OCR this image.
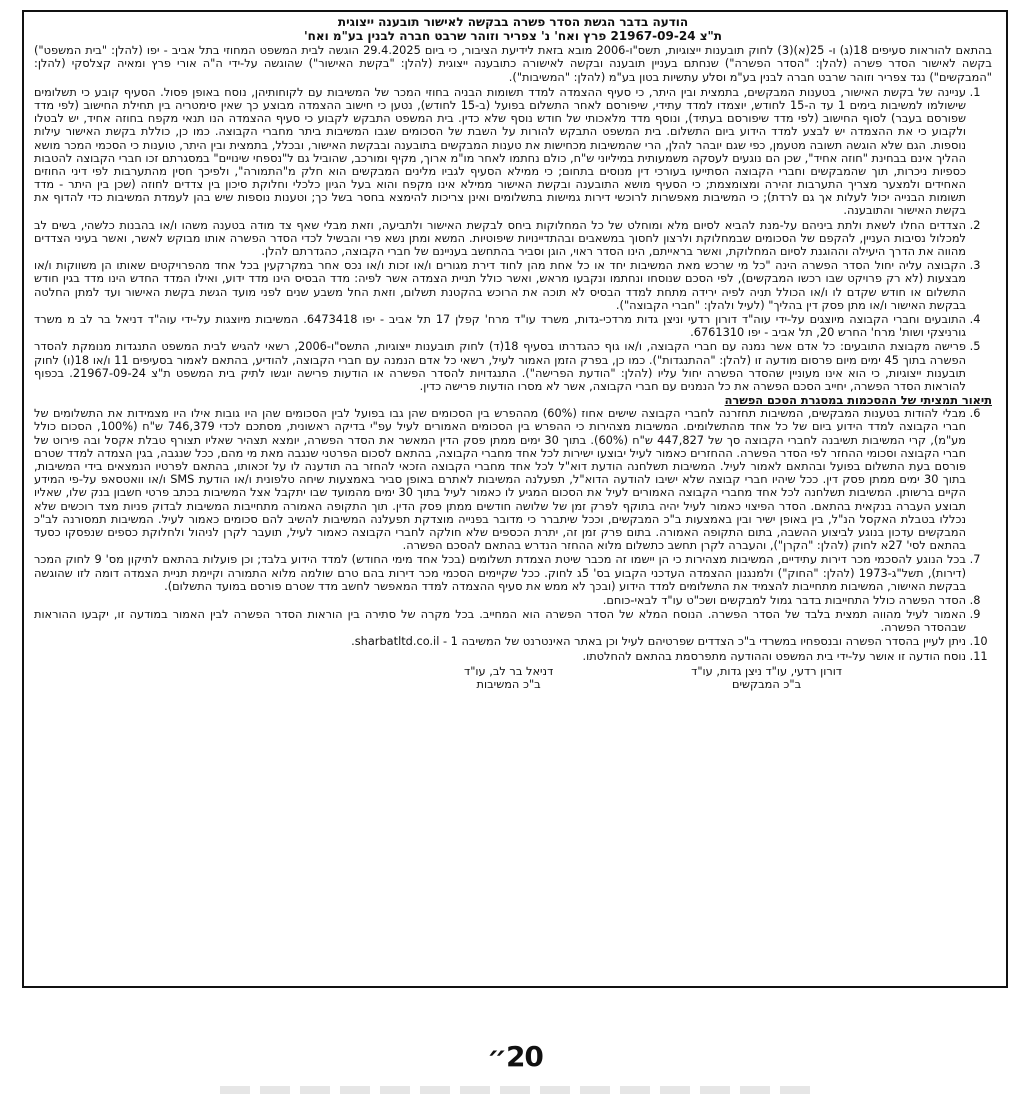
הודעה בדבר הגשת הסדר פשרה בבקשה לאישור תובענה ייצוגית

ת"צ 21967-09-24 פרץ ואח' נ' צפריר וזוהר שרבט חברה לבנין בע"מ ואח'

בהתאם להוראות סעיפים 18(ג) ו- 25(א)(3) לחוק תובענות ייצוגיות, תשס"ו-2006 מובא בזאת לידיעת הציבור, כי ביום 29.4.2025 הוגשה לבית המשפט המחוזי בתל אביב - יפו (להלן: "בית המשפט") בקשה לאישור הסדר פשרה (להלן: "הסדר הפשרה") שנחתם בעניין תובענה ובקשה לאישורה כתובענה ייצוגית (להלן: "בקשת האישור") שהוגשה על-ידי ה"ה אורי פרץ ומאיה קצלסקי (להלן: "המבקשים") נגד צפריר וזוהר שרבט חברה לבנין בע"מ וסלע עתשיות בטון בע"מ (להלן: "המשיבות").

1. עניינה של בקשת האישור, בטענות המבקשים, בתמצית ובין היתר, כי סעיף ההצמדה למדד תשומות הבניה בחוזי המכר של המשיבות עם לקוחותיהן, נוסח באופן פסול. הסעיף קובע כי תשלומים שישולמו למשיבות בימים 1 עד ה-15 לחודש, יוצמדו למדד עתידי, שיפורסם לאחר התשלום בפועל (ב-15 לחודש), נטען כי חישוב ההצמדה מבוצע כך שאין סימטריה בין תחילת החישוב (לפי מדד שפורסם בעבר) לסוף החישוב (לפי מדד שיפורסם בעתיד), ונוסף מדד מלאכותי של חודש נוסף שלא כדין. בית המשפט התבקש לקבוע כי סעיף ההצמדה הנו תנאי מקפח בחוזה אחיד, יש לבטלו ולקבוע כי את ההצמדה יש לבצע למדד הידוע ביום התשלום. בית המשפט התבקש להורות על השבת של הסכומים שגבו המשיבות ביתר מחברי הקבוצה. כמו כן, כוללת בקשת האישור עילות נוספות. הגם שלא הוגשה תשובה מטעמן, כפי שגם יובהר להלן, הרי שהמשיבות מכחישות את טענות המבקשים בתובענה ובבקשת האישור, ובכלל, בתמצית ובין היתר, טוענות כי הסכמי המכר מושא ההליך אינם בבחינת "חוזה אחיד", שכן הם נוגעים לעסקה משמעותית במיליוני ש"ח, כולם נחתמו לאחר מו"מ ארוך, מקיף ומורכב, שהוביל גם ל"נספחי שינויים" במסגרתם זכו חברי הקבוצה להטבות כספיות ניכרות, תוך שהמבקשים וחברי הקבוצה הסתייעו בעורכי דין מנוסים בתחום; כי ממילא הסעיף לגביו מלינים המבקשים הוא חלק מ"התמורה", ולפיכך חסין מהתערבות לפי דיני החוזים האחידים ולמצער מצריך התערבות זהירה ומצומצמת; כי הסעיף מושא התובענה ובקשת האישור ממילא אינו מקפח והוא בעל הגיון כלכלי וחלוקת סיכון בין צדדים לחוזה (שכן בין היתר - מדד תשומות הבנייה יכול לעלות אך גם לרדת); כי המשיבות מאפשרות לרוכשי דירות גמישות בתשלומים ואינן צריכות להימצא בחסר בשל כך; וטענות נוספות שיש בהן לעמדת המשיבות כדי להדוף את בקשת האישור והתובענה.
2. הצדדים החלו לשאת ולתת ביניהם על-מנת להביא לסיום מלא ומוחלט של כל המחלוקות ביחס לבקשת האישור ולתביעה, וזאת מבלי שאף צד מודה בטענה משהו ו/או בהבנות כלשהי, בשים לב למכלול נסיבות העניין, להקפם של הסכומים שבמחלוקת ולרצון לחסוך במשאבים ובהתדיינויות שיפוטיות. המשא ומתן נשא פרי והבשיל לכדי הסדר הפשרה אותו מבוקש לאשר, ואשר בעיני הצדדים מהווה את הדרך היעילה וההוגנת לסיום המחלוקת, ואשר בראייתם, הינו הסדר ראוי, הוגן וסביר בהתחשב בעניינם של חברי הקבוצה, כהגדרתם להלן.
3. הקבוצה עליה יחול הסדר הפשרה הינה "כל מי שרכש מאת המשיבות יחד או כל אחת מהן לחוד דירת מגורים ו/או זכות ו/או נכס אחר במקרקעין בכל אחד מהפרויקטים שאותו הן משווקות ו/או מבצעות (לא רק פרויקט שבו רכשו המבקשים), לפי הסכם שנוסחו ונחתמו ונקבעו מראש, ואשר כולל תניית הצמדה אשר לפיה: מדד הבסיס הינו מדד ידוע, ואילו המדד החדש הינו מדד בגין חודש התשלום או חודש שקדם לו ו/או הכולל תניה לפיה ירידה מתחת למדד הבסיס לא תוכה את הרוכש בהקטנת תשלום, וזאת החל משבע שנים לפני מועד הגשת בקשת האישור ועד למתן החלטה בבקשת האישור ו/או מתן פסק דין בהליך" (לעיל ולהלן: "חברי הקבוצה").
4. התובעים וחברי הקבוצה מיוצגים על-ידי עוה"ד דורון רדעי וניצן גדות מרדכי-גדות, משרד עו"ד מרח' קפלן 17 תל אביב - יפו 6473418. המשיבות מיוצגות על-ידי עוה"ד דניאל בר לב מ משרד גורניצקי ושות' מרח' החרש 20, תל אביב - יפו 6761310.
5. פרישה מקבוצת התובעים: כל אדם אשר נמנה עם חברי הקבוצה, ו/או גוף כהגדרתו בסעיף 18(ד) לחוק תובענות ייצוגיות, התשס"ו-2006, רשאי להגיש לבית המשפט התנגדות מנומקת להסדר הפשרה בתוך 45 ימים מיום פרסום מודעה זו (להלן: "ההתנגדות"). כמו כן, בפרק הזמן האמור לעיל, רשאי כל אדם הנמנה עם חברי הקבוצה, להודיע, בהתאם לאמור בסעיפים 11 ו/או 18(ו) לחוק תובענות ייצוגיות, כי הוא אינו מעוניין שהסדר הפשרה יחול עליו (להלן: "הודעת הפרישה"). התנגדויות להסדר הפשרה או הודעות פרישה יוגשו לתיק בית המשפט ת"צ 21967-09-24. בכפוף להוראות הסדר הפשרה, יחייב הסכם הפשרה את כל הנמנים עם חברי הקבוצה, אשר לא מסרו הודעות פרישה כדין.

תיאור תמציתי של ההסכמות במסגרת הסכם הפשרה

6. מבלי להודות בטענות המבקשים, המשיבות תחזרנה לחברי הקבוצה שישים אחוז (60%) מההפרש בין הסכומים שהן גבו בפועל לבין הסכומים שהן היו גובות אילו היו מצמידות את התשלומים של חברי הקבוצה למדד הידוע ביום של כל אחד מהתשלומים. המשיבות מצהירות כי ההפרש בין הסכומים האמורים לעיל עפ"י בדיקה ראשונית, מסתכם לכדי 746,379 ש"ח (100%, הסכום כולל מע"מ), קרי המשיבות תשיבנה לחברי הקבוצה סך של 447,827 ש"ח (60%). בתוך 30 ימים ממתן פסק הדין המאשר את הסדר הפשרה, יומצא תצהיר שאליו תצורף טבלת אקסל ובה פירוט של חברי הקבוצה וסכומי ההחזר לפי הסדר הפשרה. ההחזרים כאמור לעיל יבוצעו ישירות לכל אחד מחברי הקבוצה, בהתאם לסכום הפרטני שנגבה מאת מי מהם, ככל שנגבה, בגין הצמדה למדד שטרם פורסם בעת התשלום בפועל ובהתאם לאמור לעיל. המשיבות תשלחנה הודעת דוא"ל לכל אחד מחברי הקבוצה הזכאי להחזר בה תודענה לו על זכאותו, בהתאם לפרטיו הנמצאים בידי המשיבות, בתוך 30 ימים ממתן פסק דין. ככל שיהיו חברי קבוצה שלא ישיבו להודעה הדוא"ל, תפעלנה המשיבות לאתרם באופן סביר באמצעות שיחה טלפונית ו/או הודעת SMS ו/או וואטסאפ על-פי המידע הקיים ברשותן. המשיבות תשלחנה לכל אחד מחברי הקבוצה האמורים לעיל את הסכום המגיע לו כאמור לעיל בתוך 30 ימים מהמועד שבו יתקבל אצל המשיבות בכתב פרטי חשבון בנק שלו, שאליו תבוצע העברה בנקאית בהתאם. הסדר הפיצוי כאמור לעיל יהיה בתוקף לפרק זמן של שלושה חודשים ממתן פסק הדין. תוך התקופה האמורה מתחייבות המשיבות לבדוק פניות מצד רוכשים שלא נכללו בטבלת האקסל הנ"ל, בין באופן ישיר ובין באמצעות ב"כ המבקשים, וככל שיתברר כי מדובר בפנייה מוצדקת תפעלנה המשיבות להשיב להם סכומים כאמור לעיל. המשיבות תמסורנה לב"כ המבקשים עדכון בנוגע לביצוע ההשבה, בתום התקופה האמורה. בתום פרק זמן זה, יתרת הכספים שלא חולקה לחברי הקבוצה כאמור לעיל, תועבר לקרן לניהול ולחלוקת כספים שנפסקו כסעד בהתאם לסי' 27א לחוק (להלן: "הקרן"), והעברה לקרן תחשב כתשלום מלוא ההחזר הנדרש בהתאם להסכם הפשרה.
7. בכל הנוגע להסכמי מכר דירות עתידיים, המשיבות מצהירות כי הן יישמו זה מכבר שיטת הצמדת תשלומים (בכל אחד מימי החודש) למדד הידוע בלבד; וכן פועלות בהתאם לתיקון מס' 9 לחוק המכר (דירות), תשל"ג-1973 (להלן: "החוק") ולמנגנון ההצמדה העדכני הקבוע בס' 5ג לחוק. ככל שקיימים הסכמי מכר דירות בהם טרם שולמה מלוא התמורה וקיימת תניית הצמדה דומה לזו שהוגשה בבקשת האישור, המשיבות מתחייבות להצמיד את התשלומים למדד הידוע (ובכך לא ממש את סעיף ההצמדה למדד המאפשר לחשב מדד שטרם פורסם במועד התשלום).
8. הסדר הפשרה כולל התחייבות בדבר גמול למבקשים ושכ"ט עו"ד לבאי-כוחם.
9. האמור לעיל מהווה תמצית בלבד של הסדר הפשרה. הנוסח המלא של הסדר הפשרה הוא המחייב. בכל מקרה של סתירה בין הוראות הסדר הפשרה לבין האמור במודעה זו, יקבעו ההוראות שבהסדר הפשרה.
10. ניתן לעיין בהסדר הפשרה ובנספחיו במשרדי ב"כ הצדדים שפרטיהם לעיל וכן באתר האינטרנט של המשיבה 1 - sharbatltd.co.il.
11. נוסח הודעה זו אושר על-ידי בית המשפט וההודעה מתפרסמת בהתאם להחלטתו.
דורון רדעי, עו"ד ניצן גדות, עו"ד
ב"כ המבקשים
דניאל בר לב, עו"ד
ב"כ המשיבות
20״
